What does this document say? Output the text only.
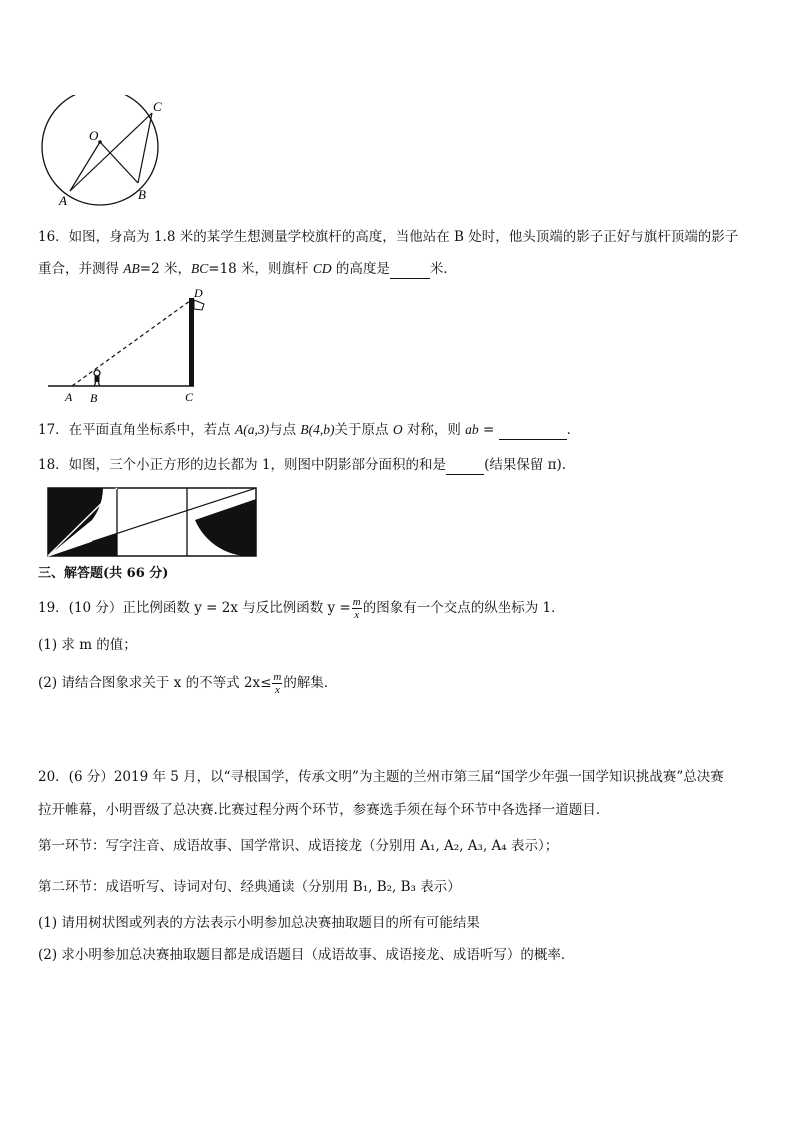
O
A	B
C
16．如图，身高为 1.8 米的某学生想测量学校旗杆的高度，当他站在 B 处时，他头顶端的影子正好与旗杆顶端的影子
重合，并测得 AB=2 米，BC=18 米，则旗杆 CD 的高度是	米．
D
A B	C
17．在平面直角坐标系中，若点 A(a,3)与点 B(4,b)关于原点 O 对称，则 ab =	．
18．如图，三个小正方形的边长都为 1，则图中阴影部分面积的和是	(结果保留 π).
三、解答题(共 66 分)
19．(10 分）正比例函数 y = 2x 与反比例函数 $y = \frac{m}{x}$ 的图象有一个交点的纵坐标为 1．
(1) 求 m 的值；
(2) 请结合图象求关于 x 的不等式 $2x\le \frac{m}{x}$ 的解集．
20．(6 分）2019 年 5 月，以“寻根国学，传承文明”为主题的兰州市第三届“国学少年强一国学知识挑战赛”总决赛
拉开帷幕，小明晋级了总决赛.比赛过程分两个环节，参赛选手须在每个环节中各选择一道题目.
第一环节：写字注音、成语故事、国学常识、成语接龙（分别用 A₁, A₂, A₃, A₄ 表示）；
第二环节：成语听写、诗词对句、经典通读（分别用 B₁, B₂, B₃ 表示）
(1) 请用树状图或列表的方法表示小明参加总决赛抽取题目的所有可能结果
(2) 求小明参加总决赛抽取题目都是成语题目（成语故事、成语接龙、成语听写）的概率．
